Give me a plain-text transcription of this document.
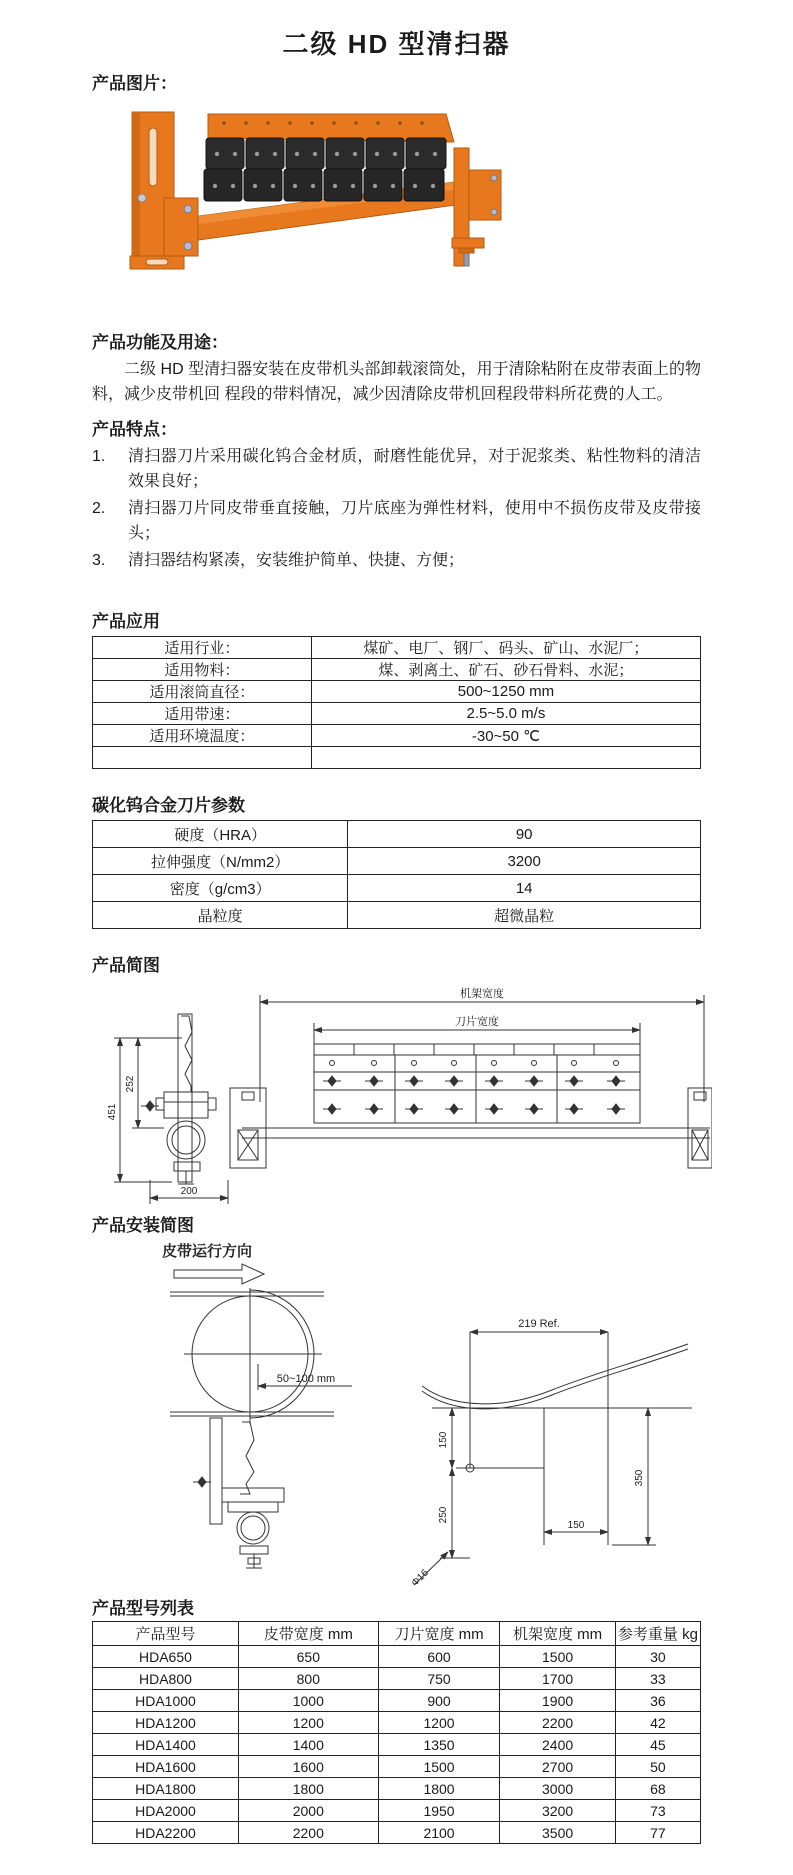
二级 HD 型清扫器
产品图片：
产品功能及用途：

二级 HD 型清扫器安装在皮带机头部卸载滚筒处，用于清除粘附在皮带表面上的物料，减少皮带机回 程段的带料情况，减少因清除皮带机回程段带料所花费的人工。

产品特点：
1.	清扫器刀片采用碳化钨合金材质，耐磨性能优异，对于泥浆类、粘性物料的清洁效果良好；
2.	清扫器刀片同皮带垂直接触，刀片底座为弹性材料，使用中不损伤皮带及皮带接头；
3.	清扫器结构紧凑，安装维护简单、快捷、方便；
产品应用
适用行业：	煤矿、电厂、钢厂、码头、矿山、水泥厂；
适用物料：	煤、剥离土、矿石、砂石骨料、水泥；
适用滚筒直径：	500~1250 mm
适用带速：	2.5~5.0 m/s
适用环境温度：	-30~50 ℃

碳化钨合金刀片参数
硬度（HRA）	90
拉伸强度（N/mm2）	3200
密度（g/cm3）	14
晶粒度	超微晶粒
产品简图
机架宽度
刀片宽度
451
252
200
产品安装简图
皮带运行方向
50~100 mm
219 Ref.
150
250
Φ16
350
150
产品型号列表
产品型号	皮带宽度 mm	刀片宽度 mm	机架宽度 mm	参考重量 kg
HDA650	650	600	1500	30
HDA800	800	750	1700	33
HDA1000	1000	900	1900	36
HDA1200	1200	1200	2200	42
HDA1400	1400	1350	2400	45
HDA1600	1600	1500	2700	50
HDA1800	1800	1800	3000	68
HDA2000	2000	1950	3200	73
HDA2200	2200	2100	3500	77
